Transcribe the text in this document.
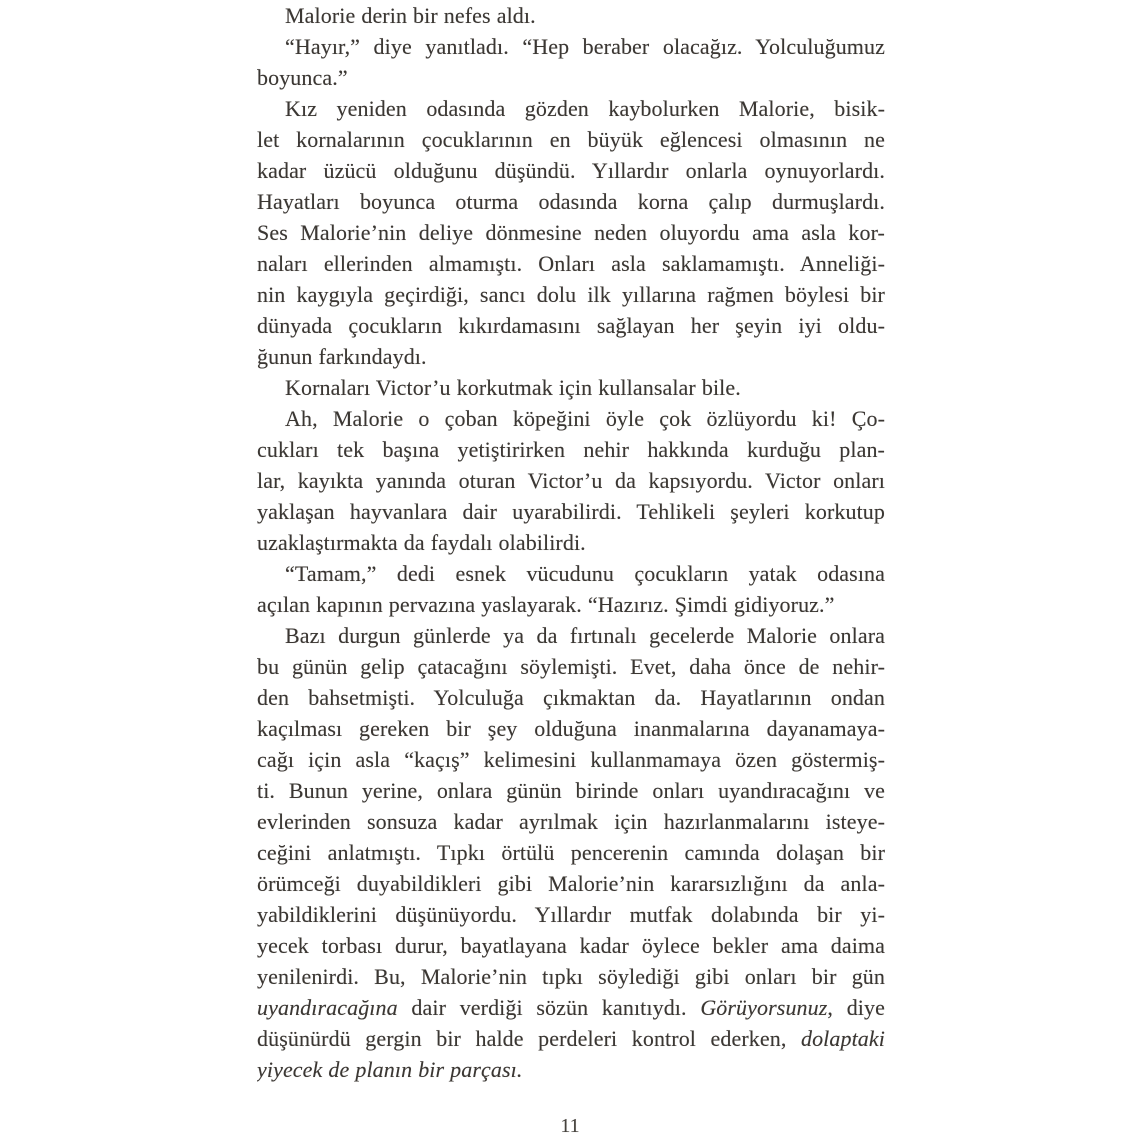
Malorie derin bir nefes aldı.
“Hayır,” diye yanıtladı. “Hep beraber olacağız. Yolculuğumuz
boyunca.”
Kız yeniden odasında gözden kaybolurken Malorie, bisik-
let kornalarının çocuklarının en büyük eğlencesi olmasının ne
kadar üzücü olduğunu düşündü. Yıllardır onlarla oynuyorlardı.
Hayatları boyunca oturma odasında korna çalıp durmuşlardı.
Ses Malorie’nin deliye dönmesine neden oluyordu ama asla kor-
naları ellerinden almamıştı. Onları asla saklamamıştı. Anneliği-
nin kaygıyla geçirdiği, sancı dolu ilk yıllarına rağmen böylesi bir
dünyada çocukların kıkırdamasını sağlayan her şeyin iyi oldu-
ğunun farkındaydı.
Kornaları Victor’u korkutmak için kullansalar bile.
Ah, Malorie o çoban köpeğini öyle çok özlüyordu ki! Ço-
cukları tek başına yetiştirirken nehir hakkında kurduğu plan-
lar, kayıkta yanında oturan Victor’u da kapsıyordu. Victor onları
yaklaşan hayvanlara dair uyarabilirdi. Tehlikeli şeyleri korkutup
uzaklaştırmakta da faydalı olabilirdi.
“Tamam,” dedi esnek vücudunu çocukların yatak odasına
açılan kapının pervazına yaslayarak. “Hazırız. Şimdi gidiyoruz.”
Bazı durgun günlerde ya da fırtınalı gecelerde Malorie onlara
bu günün gelip çatacağını söylemişti. Evet, daha önce de nehir-
den bahsetmişti. Yolculuğa çıkmaktan da. Hayatlarının ondan
kaçılması gereken bir şey olduğuna inanmalarına dayanamaya-
cağı için asla “kaçış” kelimesini kullanmamaya özen göstermiş-
ti. Bunun yerine, onlara günün birinde onları uyandıracağını ve
evlerinden sonsuza kadar ayrılmak için hazırlanmalarını isteye-
ceğini anlatmıştı. Tıpkı örtülü pencerenin camında dolaşan bir
örümceği duyabildikleri gibi Malorie’nin kararsızlığını da anla-
yabildiklerini düşünüyordu. Yıllardır mutfak dolabında bir yi-
yecek torbası durur, bayatlayana kadar öylece bekler ama daima
yenilenirdi. Bu, Malorie’nin tıpkı söylediği gibi onları bir gün
uyandıracağına dair verdiği sözün kanıtıydı. Görüyorsunuz, diye
düşünürdü gergin bir halde perdeleri kontrol ederken, dolaptaki
yiyecek de planın bir parçası.
11
